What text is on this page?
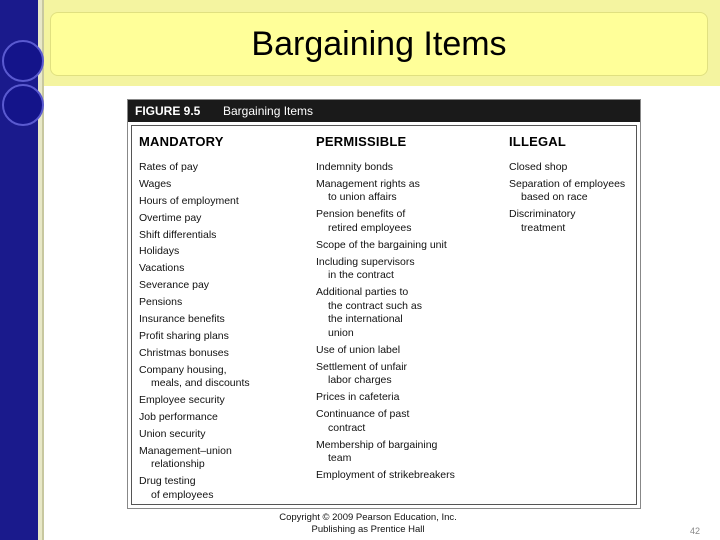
Bargaining Items
FIGURE 9.5	Bargaining Items
MANDATORY
Rates of pay
Wages
Hours of employment
Overtime pay
Shift differentials
Holidays
Vacations
Severance pay
Pensions
Insurance benefits
Profit sharing plans
Christmas bonuses
Company housing,
meals, and discounts
Employee security
Job performance
Union security
Management–union
relationship
Drug testing
of employees
PERMISSIBLE
Indemnity bonds
Management rights as
to union affairs
Pension benefits of
retired employees
Scope of the bargaining unit
Including supervisors
in the contract
Additional parties to
the contract such as
the international
union
Use of union label
Settlement of unfair
labor charges
Prices in cafeteria
Continuance of past
contract
Membership of bargaining
team
Employment of strikebreakers
ILLEGAL
Closed shop
Separation of employees
based on race
Discriminatory
treatment
Copyright © 2009 Pearson Education, Inc.
Publishing as Prentice Hall	42
